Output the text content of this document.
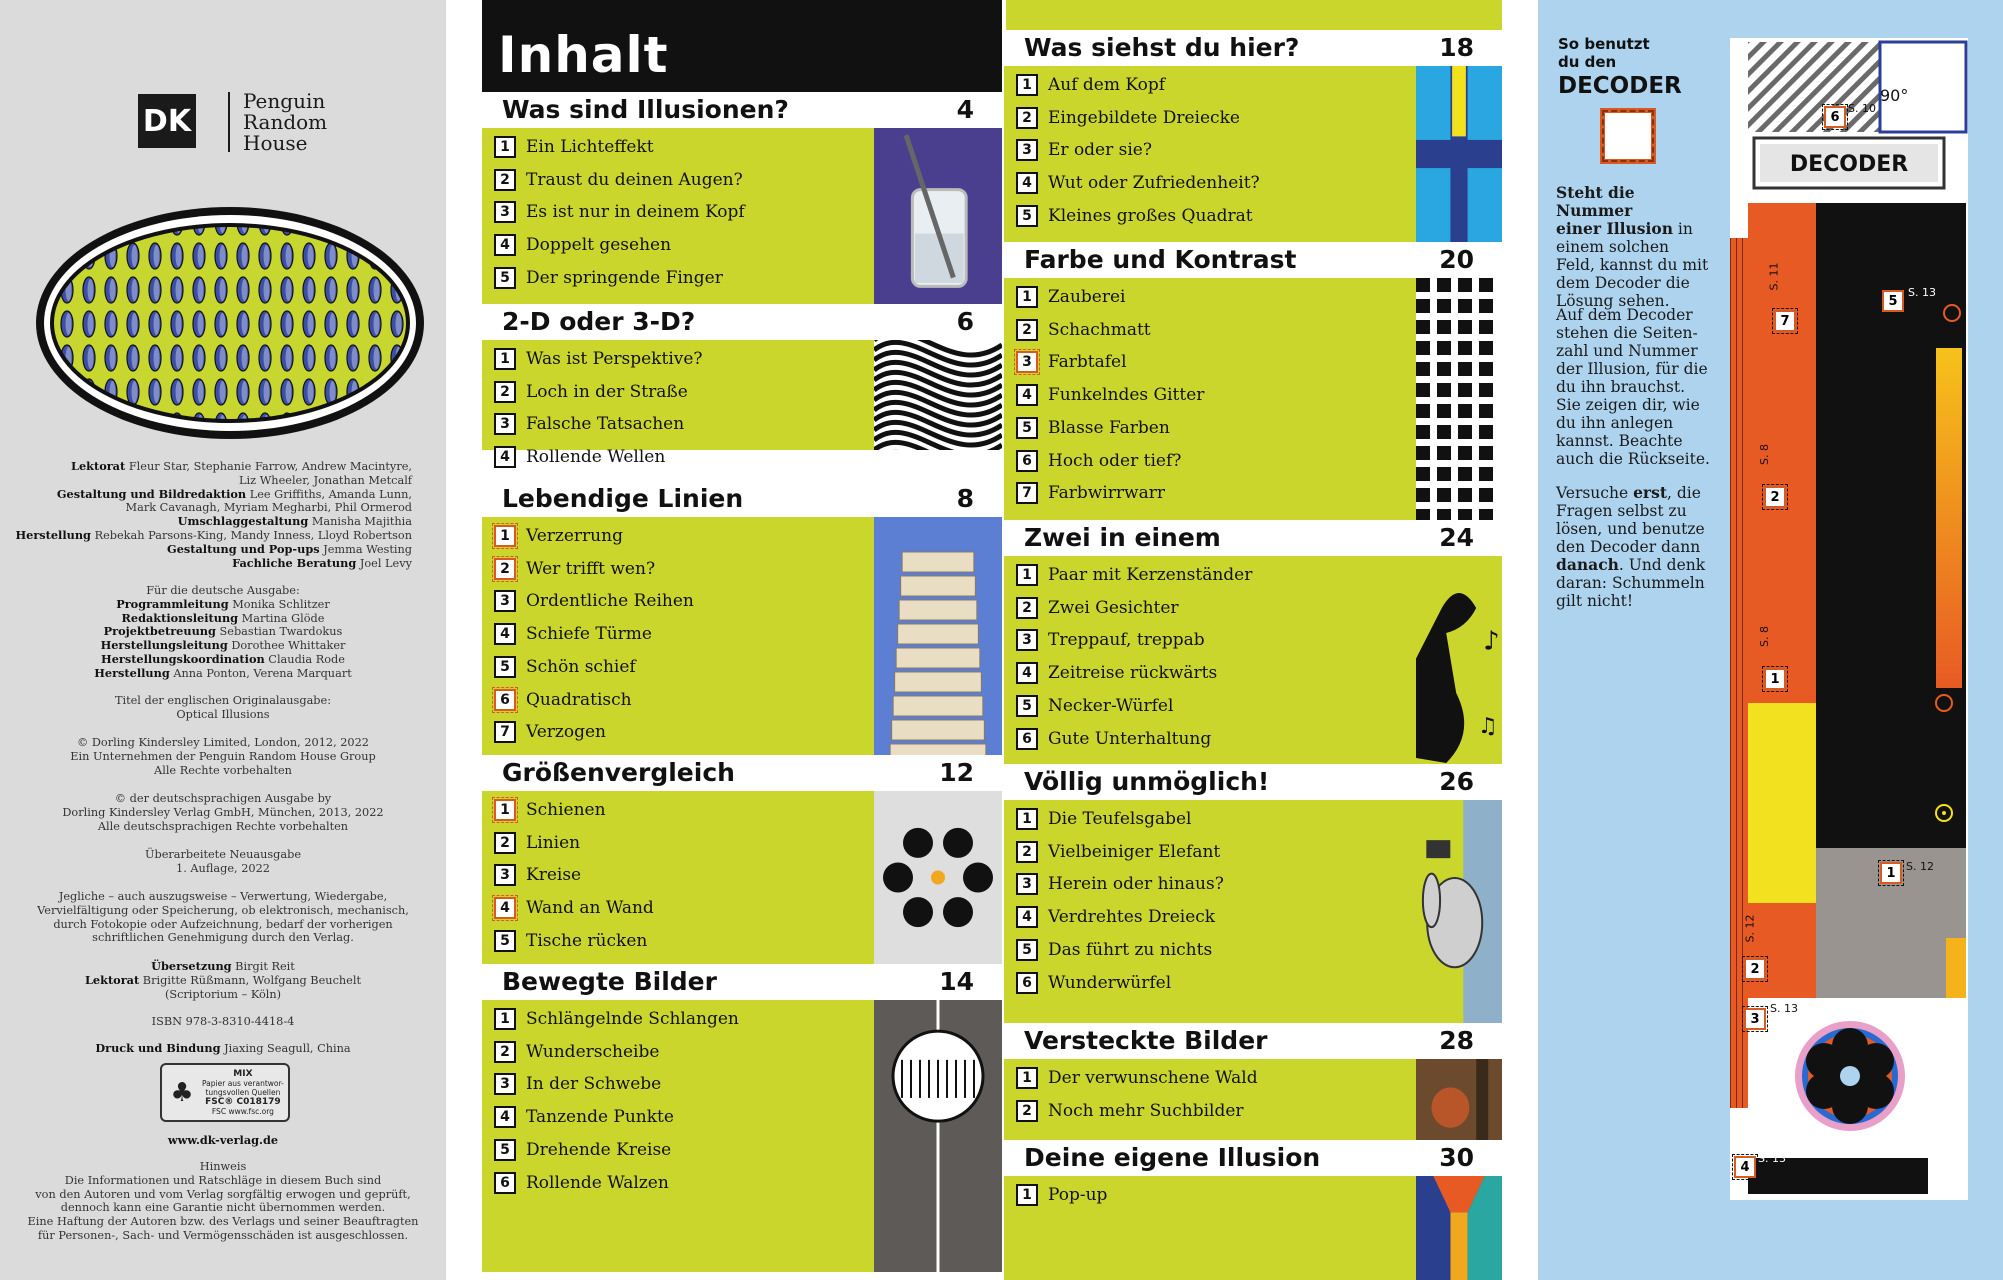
DK
Penguin
Random
House
Lektorat Fleur Star, Stephanie Farrow, Andrew Macintyre,
Liz Wheeler, Jonathan Metcalf
Gestaltung und Bildredaktion Lee Griffiths, Amanda Lunn,
Mark Cavanagh, Myriam Megharbi, Phil Ormerod
Umschlaggestaltung Manisha Majithia
Herstellung Rebekah Parsons-King, Mandy Inness, Lloyd Robertson
Gestaltung und Pop-ups Jemma Westing
Fachliche Beratung Joel Levy
Für die deutsche Ausgabe:
Programmleitung Monika Schlitzer
Redaktionsleitung Martina Glöde
Projektbetreuung Sebastian Twardokus
Herstellungsleitung Dorothee Whittaker
Herstellungskoordination Claudia Rode
Herstellung Anna Ponton, Verena Marquart
Titel der englischen Originalausgabe:
Optical Illusions
© Dorling Kindersley Limited, London, 2012, 2022
Ein Unternehmen der Penguin Random House Group
Alle Rechte vorbehalten
© der deutschsprachigen Ausgabe by
Dorling Kindersley Verlag GmbH, München, 2013, 2022
Alle deutschsprachigen Rechte vorbehalten
Überarbeitete Neuausgabe
1. Auflage, 2022
Jegliche – auch auszugsweise – Verwertung, Wiedergabe,
Vervielfältigung oder Speicherung, ob elektronisch, mechanisch,
durch Fotokopie oder Aufzeichnung, bedarf der vorherigen
schriftlichen Genehmigung durch den Verlag.
Übersetzung Birgit Reit
Lektorat Brigitte Rüßmann, Wolfgang Beuchelt
(Scriptorium – Köln)
ISBN 978-3-8310-4418-4
Druck und Bindung Jiaxing Seagull, China
♣
MIX
Papier aus verantwor-
tungsvollen Quellen
FSC® C018179
FSC www.fsc.org
www.dk-verlag.de
Hinweis
Die Informationen und Ratschläge in diesem Buch sind
von den Autoren und vom Verlag sorgfältig erwogen und geprüft,
dennoch kann eine Garantie nicht übernommen werden.
Eine Haftung der Autoren bzw. des Verlags und seiner Beauftragten
für Personen-, Sach- und Vermögensschäden ist ausgeschlossen.
Inhalt
Was sind Illusionen?	4
1 Ein Lichteffekt
2 Traust du deinen Augen?
3 Es ist nur in deinem Kopf
4 Doppelt gesehen
5 Der springende Finger
2-D oder 3-D?	6
1 Was ist Perspektive?
2 Loch in der Straße
3 Falsche Tatsachen
4 Rollende Wellen
Lebendige Linien	8
1 Verzerrung
2 Wer trifft wen?
3 Ordentliche Reihen
4 Schiefe Türme
5 Schön schief
6 Quadratisch
7 Verzogen
Größenvergleich	12
1 Schienen
2 Linien
3 Kreise
4 Wand an Wand
5 Tische rücken
Bewegte Bilder	14
1 Schlängelnde Schlangen
2 Wunderscheibe
3 In der Schwebe
4 Tanzende Punkte
5 Drehende Kreise
6 Rollende Walzen
Was siehst du hier?	18
1 Auf dem Kopf
2 Eingebildete Dreiecke
3 Er oder sie?
4 Wut oder Zufriedenheit?
5 Kleines großes Quadrat
Farbe und Kontrast	20
1 Zauberei
2 Schachmatt
3 Farbtafel
4 Funkelndes Gitter
5 Blasse Farben
6 Hoch oder tief?
7 Farbwirrwarr
Zwei in einem	24
♪
♫
1 Paar mit Kerzenständer
2 Zwei Gesichter
3 Treppauf, treppab
4 Zeitreise rückwärts
5 Necker-Würfel
6 Gute Unterhaltung
Völlig unmöglich!	26
1 Die Teufelsgabel
2 Vielbeiniger Elefant
3 Herein oder hinaus?
4 Verdrehtes Dreieck
5 Das führt zu nichts
6 Wunderwürfel
Versteckte Bilder	28
1 Der verwunschene Wald
2 Noch mehr Suchbilder
Deine eigene Illusion	30
1 Pop-up
So benutzt
du den
DECODER
Steht die Nummer
einer Illusion in
einem solchen
Feld, kannst du mit
dem Decoder die
Lösung sehen.
Auf dem Decoder
stehen die Seiten-
zahl und Nummer
der Illusion, für die
du ihn brauchst.
Sie zeigen dir, wie
du ihn anlegen
kannst. Beachte
auch die Rückseite.
Versuche erst, die
Fragen selbst zu
lösen, und benutze
den Decoder dann
danach. Und denk
daran: Schummeln
gilt nicht!
90°
DECODER
6
S. 10
5
S. 13
7
S. 11
2
S. 8
1
S. 8
1 S. 12
2
S. 12
3
S. 13
4
S. 13
